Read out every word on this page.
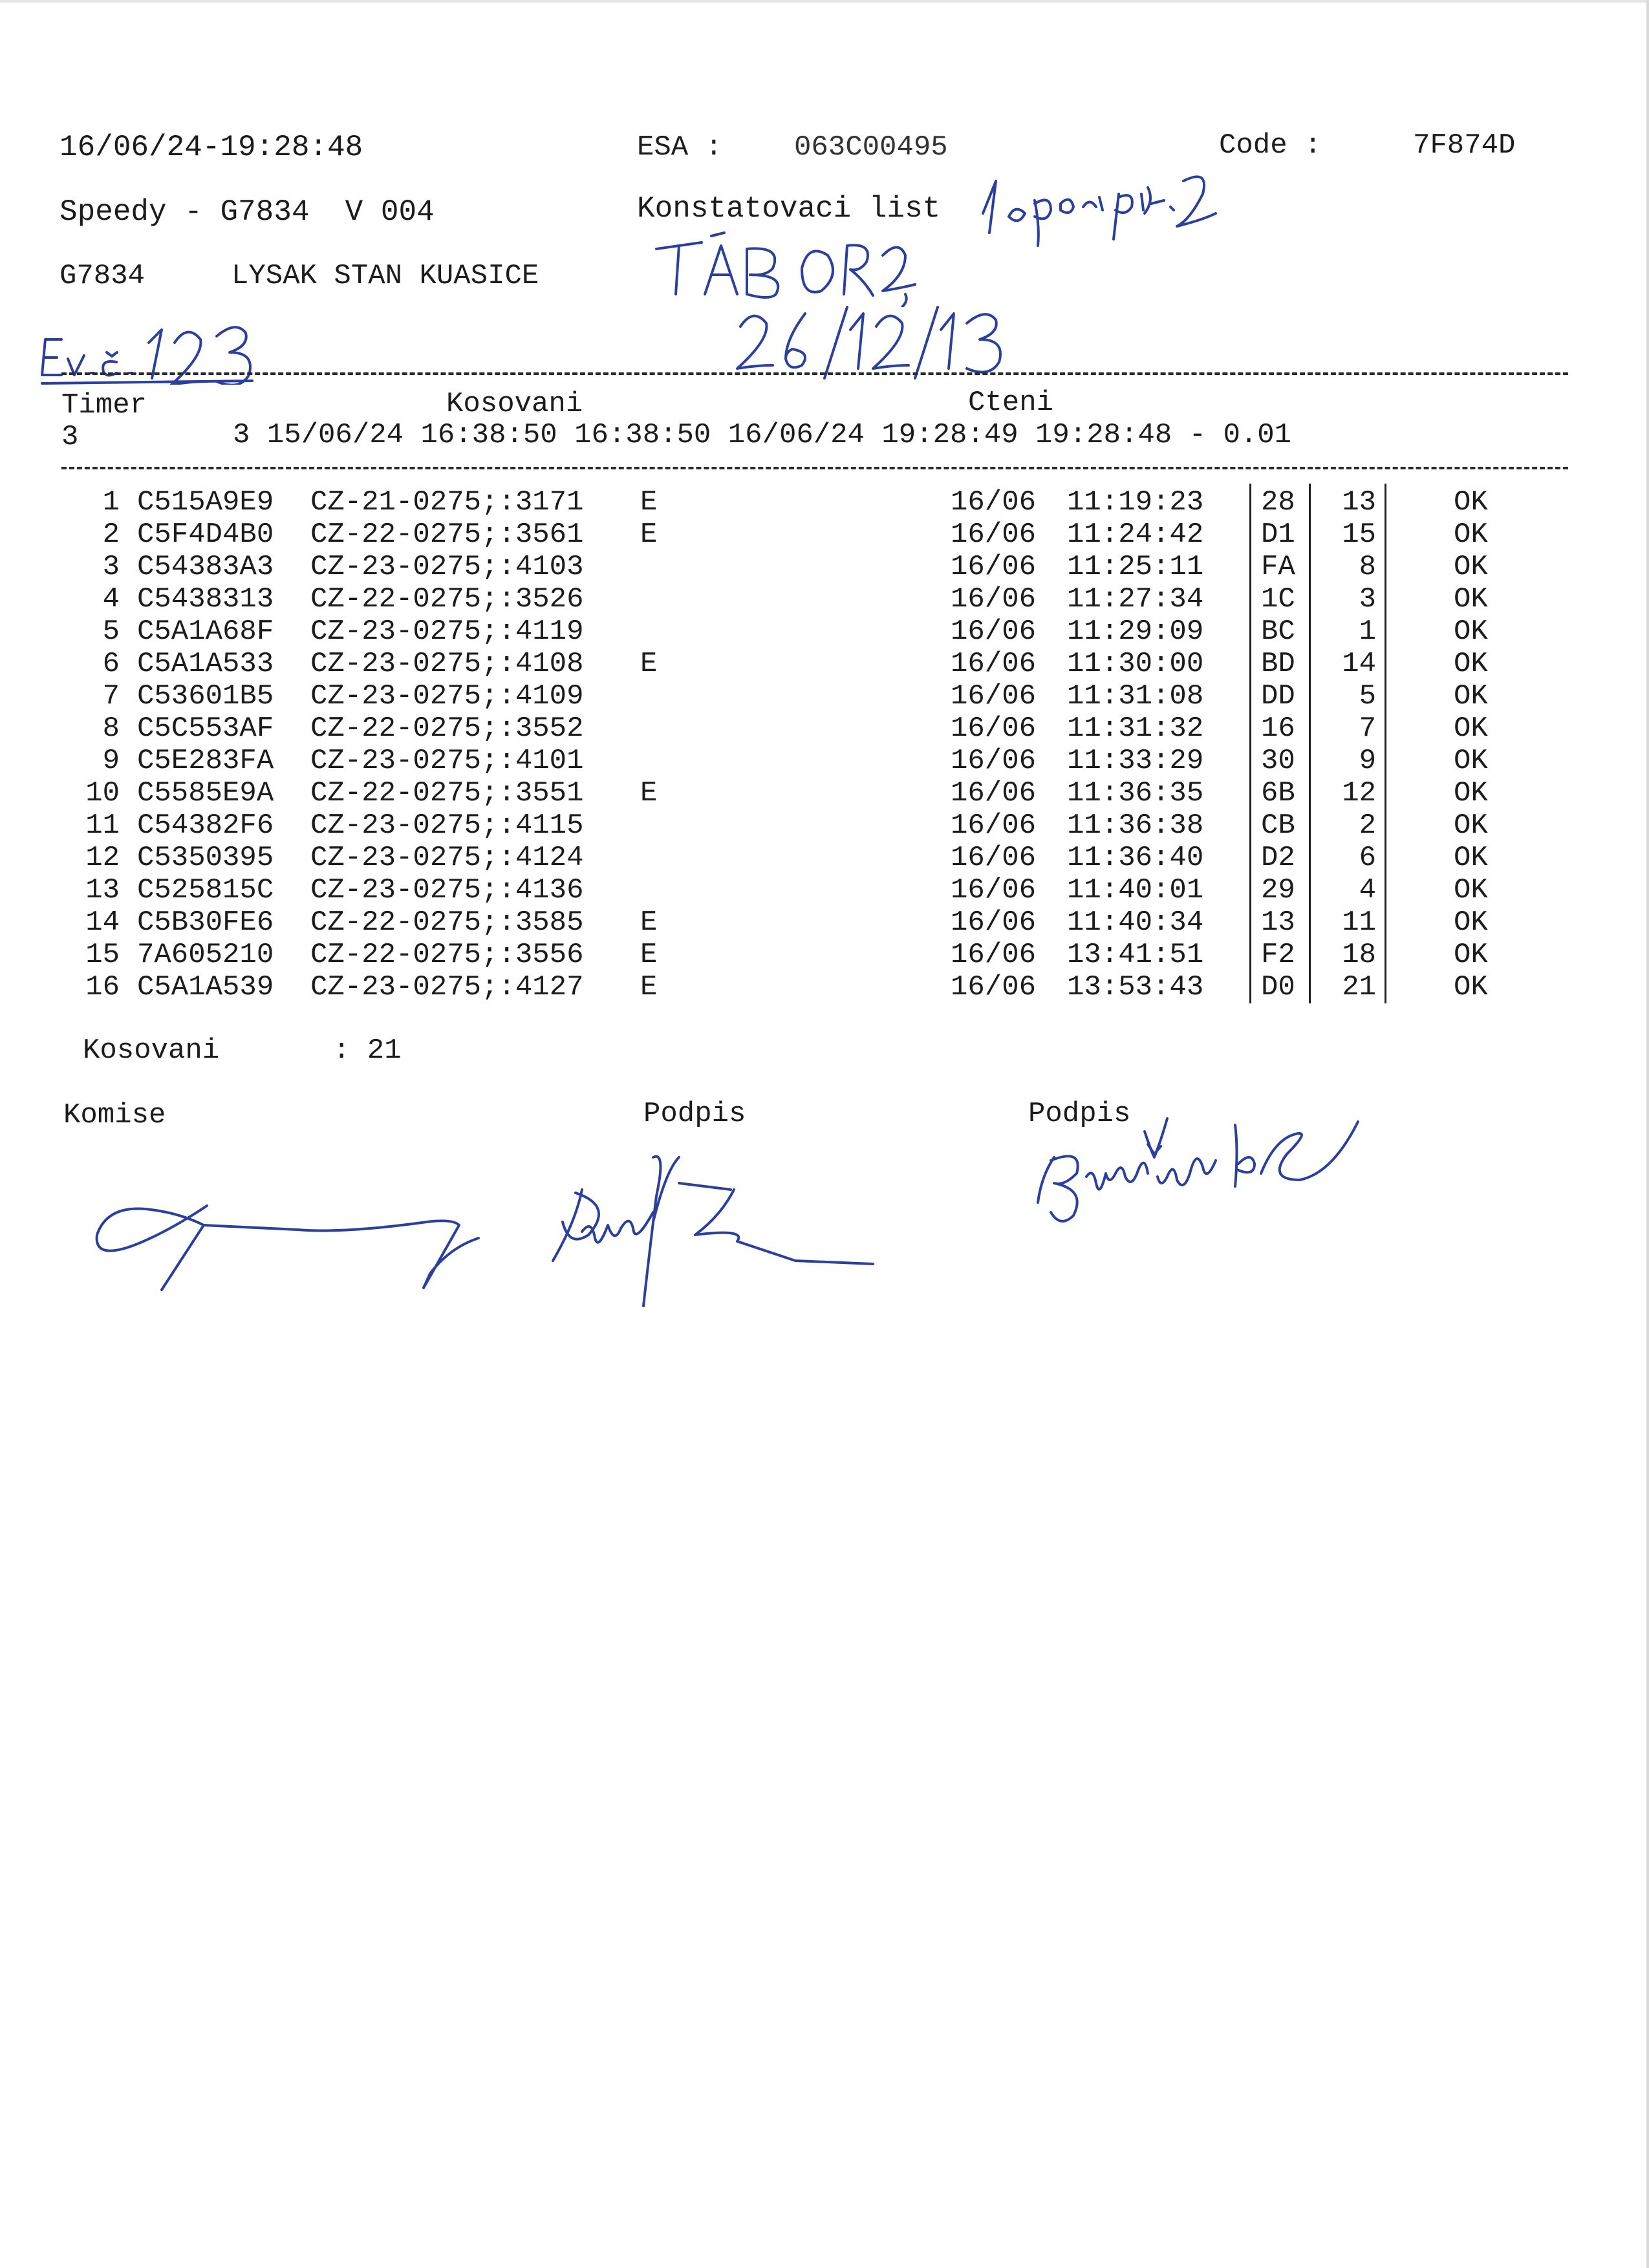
16/06/24-19:28:48	ESA :	063C00495	Code :	7F874D
Speedy - G7834  V 004	Konstatovaci list
G7834	LYSAK STAN KUASICE
Timer	Kosovani	Cteni
3	3 15/06/24 16:38:50 16:38:50 16/06/24 19:28:49 19:28:48 - 0.01
1 C515A9E9 CZ-21-0275;:3171 E	16/06 11:19:23 28 13	OK
2 C5F4D4B0 CZ-22-0275;:3561 E	16/06 11:24:42 D1 15	OK
3 C54383A3 CZ-23-0275;:4103	16/06 11:25:11 FA 8	OK
4 C5438313 CZ-22-0275;:3526	16/06 11:27:34 1C 3	OK
5 C5A1A68F CZ-23-0275;:4119	16/06 11:29:09 BC 1	OK
6 C5A1A533 CZ-23-0275;:4108 E	16/06 11:30:00 BD 14	OK
7 C53601B5 CZ-23-0275;:4109	16/06 11:31:08 DD 5	OK
8 C5C553AF CZ-22-0275;:3552	16/06 11:31:32 16 7	OK
9 C5E283FA CZ-23-0275;:4101	16/06 11:33:29 30 9	OK
10 C5585E9A CZ-22-0275;:3551 E	16/06 11:36:35 6B 12	OK
11 C54382F6 CZ-23-0275;:4115	16/06 11:36:38 CB 2	OK
12 C5350395 CZ-23-0275;:4124	16/06 11:36:40 D2 6	OK
13 C525815C CZ-23-0275;:4136	16/06 11:40:01 29 4	OK
14 C5B30FE6 CZ-22-0275;:3585 E	16/06 11:40:34 13 11	OK
15 7A605210 CZ-22-0275;:3556 E	16/06 13:41:51 F2 18	OK
16 C5A1A539 CZ-23-0275;:4127 E	16/06 13:53:43 D0 21	OK
Kosovani	: 21
Komise	Podpis	Podpis
